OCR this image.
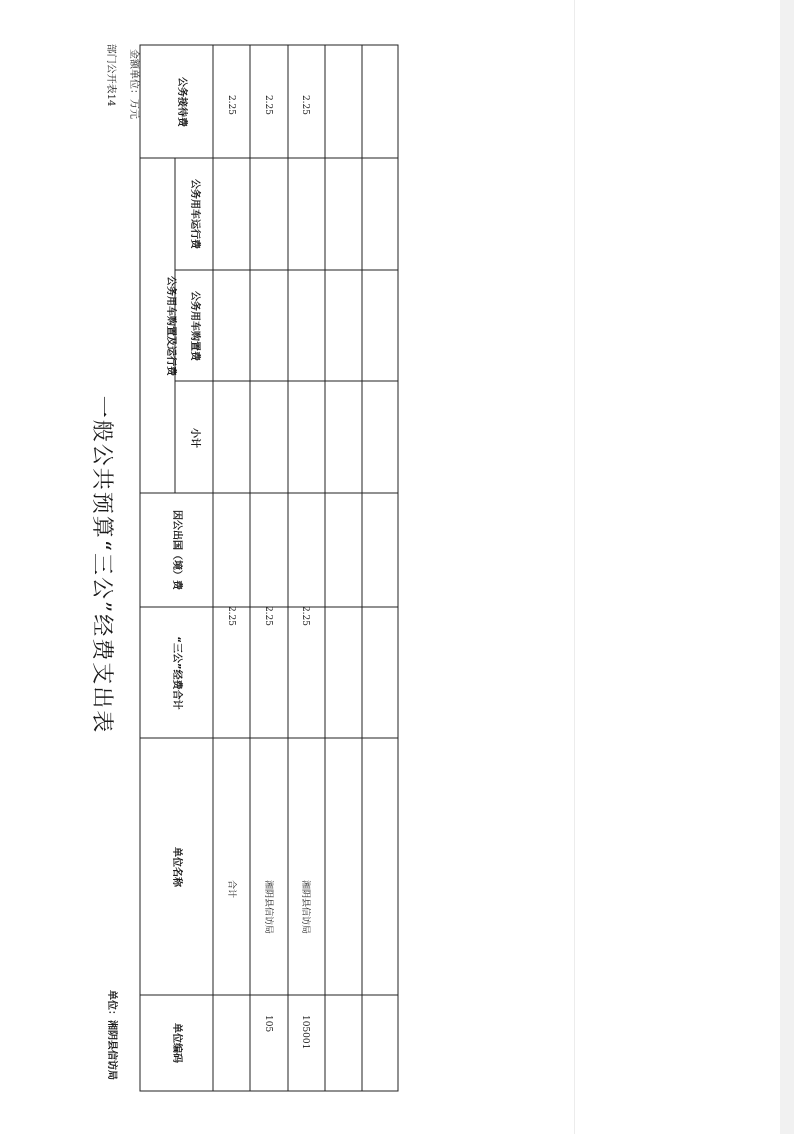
部门公开表14	金额单位：万元
一般公共预算“三公”经费支出表
单位：湘阴县信访局
公务接待费
公务用车购置及运行费
公务用车运行费
公务用车购置费
小计
因公出国（境）费
“三公”经费合计
单位名称
单位编码
2.25
2.25
合计
2.25
2.25
湘阴县信访局
105
2.25
2.25
湘阴县信访局
105001
